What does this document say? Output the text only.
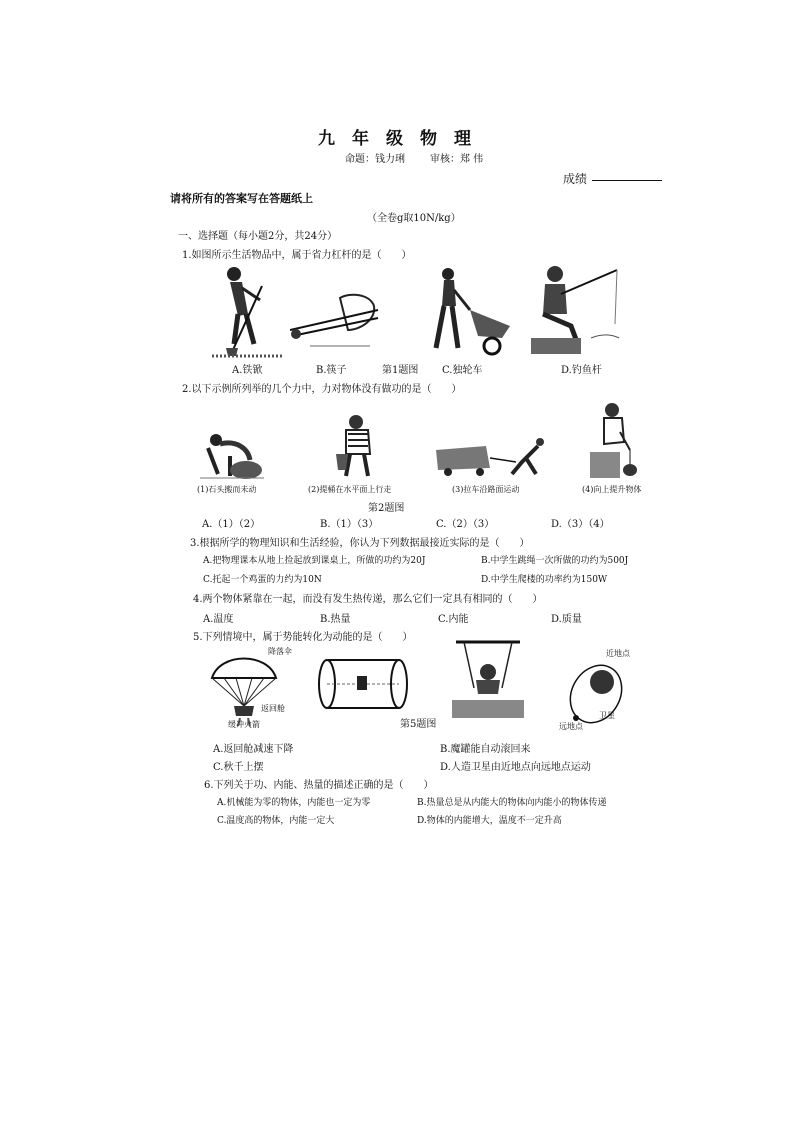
九年级物理
命题： 钱力琍	审核： 郑 伟
成绩
请将所有的答案写在答题纸上
（全卷g取10N/kg）
一、选择题（每小题2分，共24分）
1.如图所示生活物品中，属于省力杠杆的是（　　）
A.铁锨	B.筷子	第1题图 C.独轮车	D.钓鱼杆
2.以下示例所列举的几个力中，力对物体没有做功的是（　　）
(1)石头搬而未动	(2)提桶在水平面上行走	(3)拉车沿路面运动	(4)向上提升物体
第2题图
A.（1）（2）	B.（1）（3）	C.（2）（3）	D.（3）（4）
3.根据所学的物理知识和生活经验，你认为下列数据最接近实际的是（　　）
A.把物理课本从地上捡起放到课桌上，所做的功约为20J	B.中学生跳绳一次所做的功约为500J
C.托起一个鸡蛋的力约为10N	D.中学生爬楼的功率约为150W
4.两个物体紧靠在一起，而没有发生热传递，那么它们一定具有相同的（　　）
A.温度	B.热量	C.内能	D.质量
5.下列情境中，属于势能转化为动能的是（　　）
降落伞
返回舱
缓冲火箭
近地点
远地点
卫星
第5题图
A.返回舱减速下降	B.魔罐能自动滚回来
C.秋千上摆	D.人造卫星由近地点向远地点运动
6.下列关于功、内能、热量的描述正确的是（　　）
A.机械能为零的物体，内能也一定为零	B.热量总是从内能大的物体向内能小的物体传递
C.温度高的物体，内能一定大	D.物体的内能增大，温度不一定升高
